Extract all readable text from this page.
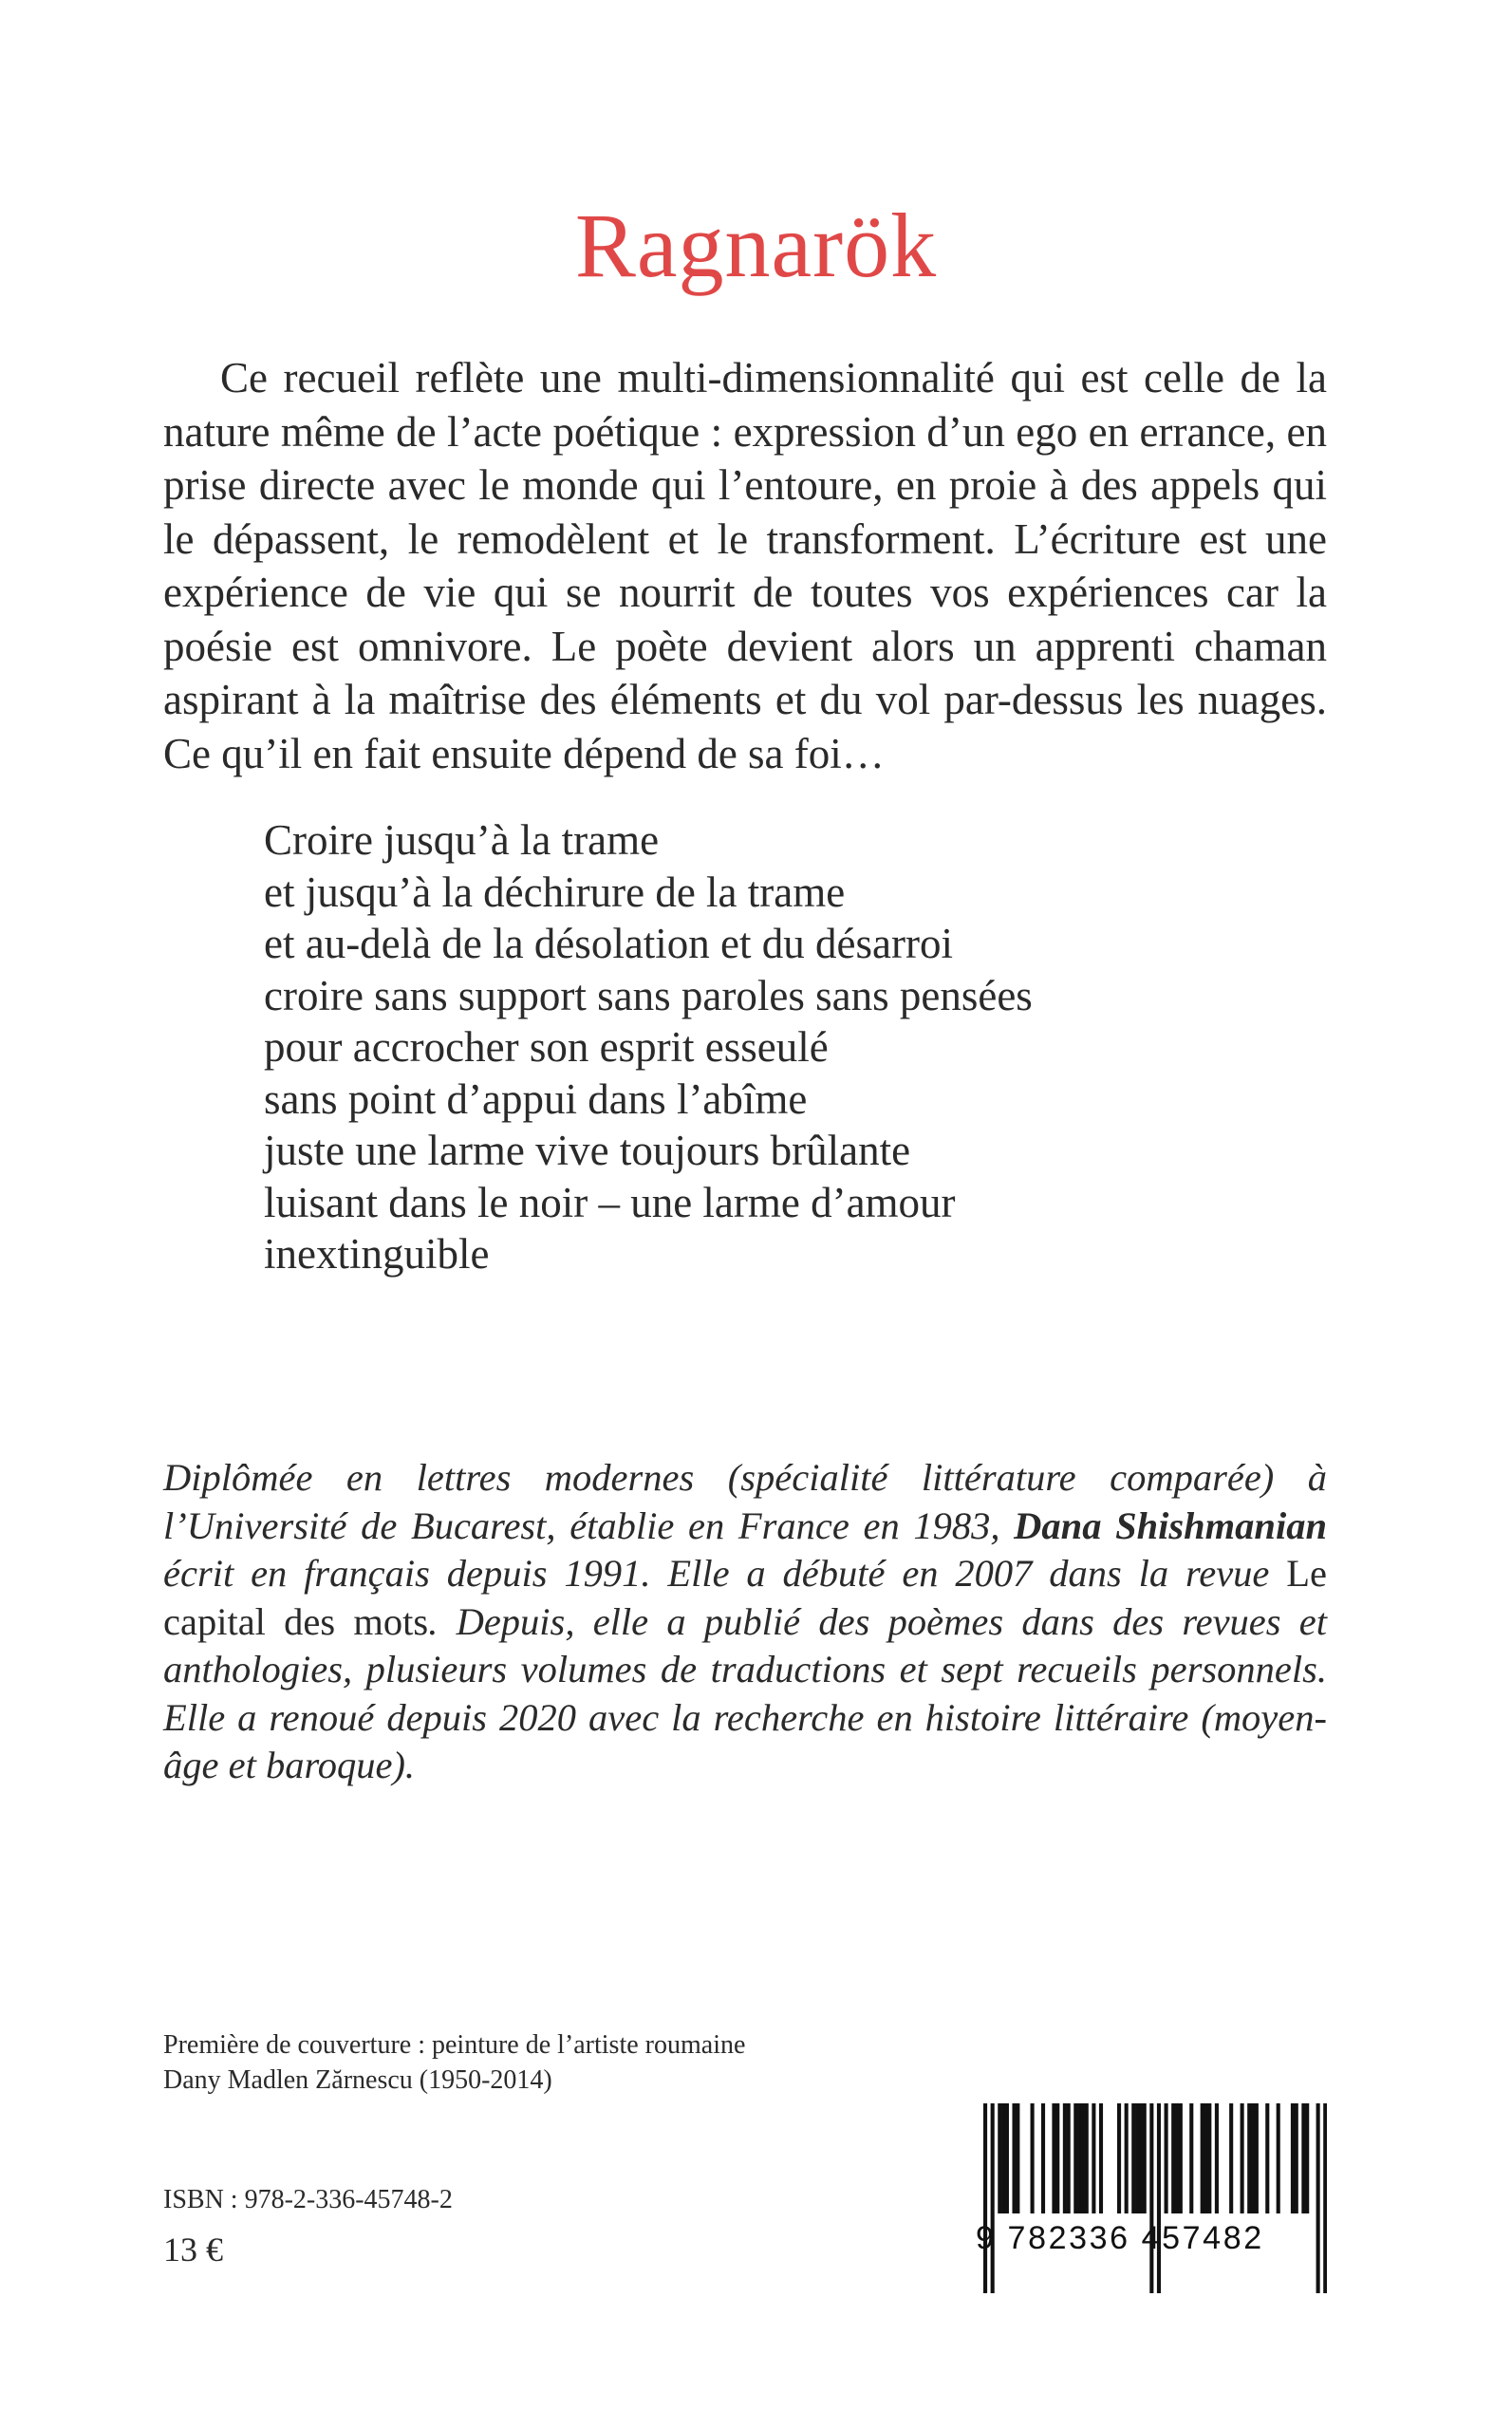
Ragnarök

Ce recueil reflète une multi-dimensionnalité qui est celle de la nature même de l’acte poétique : expression d’un ego en errance, en prise directe avec le monde qui l’entoure, en proie à des appels qui le dépassent, le remodèlent et le transforment. L’écriture est une expérience de vie qui se nourrit de toutes vos expériences car la poésie est omnivore. Le poète devient alors un apprenti chaman aspirant à la maîtrise des éléments et du vol par-dessus les nuages. Ce qu’il en fait ensuite dépend de sa foi…

Croire jusqu’à la trame
et jusqu’à la déchirure de la trame
et au-delà de la désolation et du désarroi
croire sans support sans paroles sans pensées
pour accrocher son esprit esseulé
sans point d’appui dans l’abîme
juste une larme vive toujours brûlante
luisant dans le noir – une larme d’amour
inextinguible

Diplômée en lettres modernes (spécialité littérature comparée) à l’Université de Bucarest, établie en France en 1983, Dana Shishmanian écrit en français depuis 1991. Elle a débuté en 2007 dans la revue Le capital des mots. Depuis, elle a publié des poèmes dans des revues et anthologies, plusieurs volumes de traductions et sept recueils personnels. Elle a renoué depuis 2020 avec la recherche en histoire littéraire (moyen-âge et baroque).

Première de couverture : peinture de l’artiste roumaine
Dany Madlen Zărnescu (1950-2014)
ISBN : 978-2-336-45748-2
13 €	9 782336 457482
